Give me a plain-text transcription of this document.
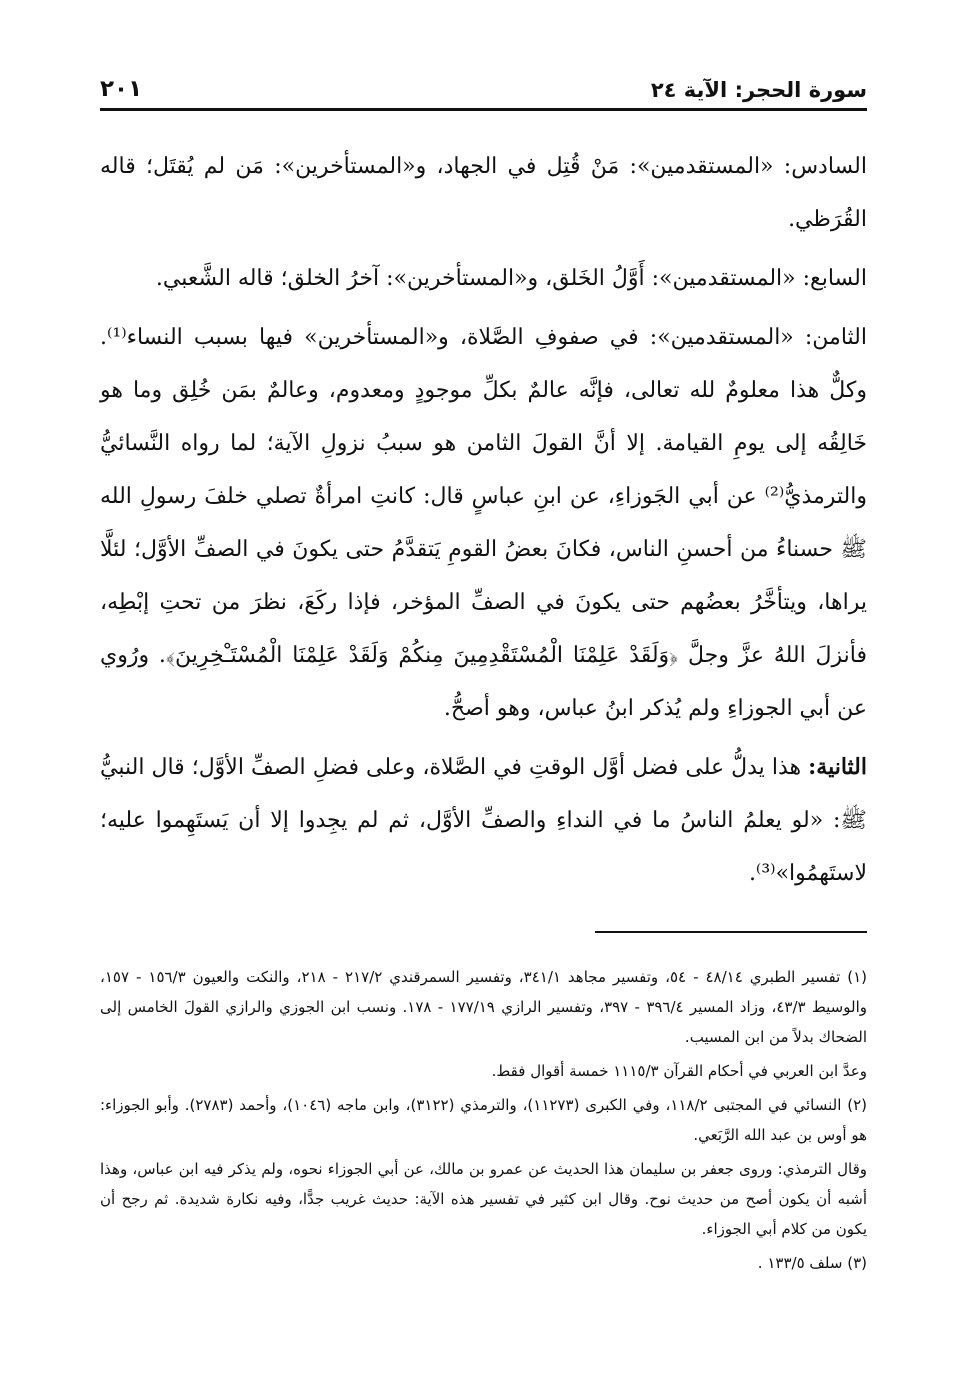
سورة الحجر: الآية ٢٤
٢٠١

السادس: «المستقدمين»: مَنْ قُتِل في الجهاد، و«المستأخرين»: مَن لم يُقتَل؛ قاله القُرَظي.

السابع: «المستقدمين»: أَوَّلُ الخَلق، و«المستأخرين»: آخرُ الخلق؛ قاله الشَّعبي.

الثامن: «المستقدمين»: في صفوفِ الصَّلاة، و«المستأخرين» فيها بسبب النساء⁽¹⁾. وكلٌّ هذا معلومٌ لله تعالى، فإنَّه عالمٌ بكلِّ موجودٍ ومعدوم، وعالمٌ بمَن خُلِق وما هو خَالِقُه إلى يومِ القيامة. إلا أنَّ القولَ الثامن هو سببُ نزولِ الآية؛ لما رواه النَّسائيُّ والترمذيُّ⁽²⁾ عن أبي الجَوزاءِ، عن ابنِ عباسٍ قال: كانتِ امرأةٌ تصلي خلفَ رسولِ الله ﷺ حسناءُ من أحسنِ الناس، فكانَ بعضُ القومِ يَتقدَّمُ حتى يكونَ في الصفِّ الأوَّل؛ لئلَّا يراها، ويتأخَّرُ بعضُهم حتى يكونَ في الصفِّ المؤخر، فإذا ركَعَ، نظرَ من تحتِ إبْطِه، فأنزلَ اللهُ عزَّ وجلَّ ﴿وَلَقَدْ عَلِمْنَا الْمُسْتَقْدِمِينَ مِنكُمْ وَلَقَدْ عَلِمْنَا الْمُسْتَـْخِرِينَ﴾. ورُوي عن أبي الجوزاءِ ولم يُذكر ابنُ عباس، وهو أصحُّ.

الثانية: هذا يدلُّ على فضل أوَّل الوقتِ في الصَّلاة، وعلى فضلِ الصفِّ الأوَّل؛ قال النبيُّ ﷺ: «لو يعلمُ الناسُ ما في النداءِ والصفِّ الأوَّل، ثم لم يجِدوا إلا أن يَستَهِموا عليه؛ لاستَهمُوا»⁽³⁾.

(١) تفسير الطبري ٤٨/١٤ - ٥٤، وتفسير مجاهد ٣٤١/١، وتفسير السمرقندي ٢١٧/٢ - ٢١٨، والنكت والعيون ١٥٦/٣ - ١٥٧، والوسيط ٤٣/٣، وزاد المسير ٣٩٦/٤ - ٣٩٧، وتفسير الرازي ١٧٧/١٩ - ١٧٨. ونسب ابن الجوزي والرازي القولَ الخامس إلى الضحاك بدلاً من ابن المسيب.

وعدَّ ابن العربي في أحكام القرآن ١١١٥/٣ خمسة أقوال فقط.

(٢) النسائي في المجتبى ١١٨/٢، وفي الكبرى (١١٢٧٣)، والترمذي (٣١٢٢)، وابن ماجه (١٠٤٦)، وأحمد (٢٧٨٣). وأبو الجوزاء: هو أوس بن عبد الله الرَّبَعي.

وقال الترمذي: وروى جعفر بن سليمان هذا الحديث عن عمرو بن مالك، عن أبي الجوزاء نحوه، ولم يذكر فيه ابن عباس، وهذا أشبه أن يكون أصح من حديث نوح. وقال ابن كثير في تفسير هذه الآية: حديث غريب جدًّا، وفيه نكارة شديدة. ثم رجح أن يكون من كلام أبي الجوزاء.

(٣) سلف ١٣٣/٥ .
